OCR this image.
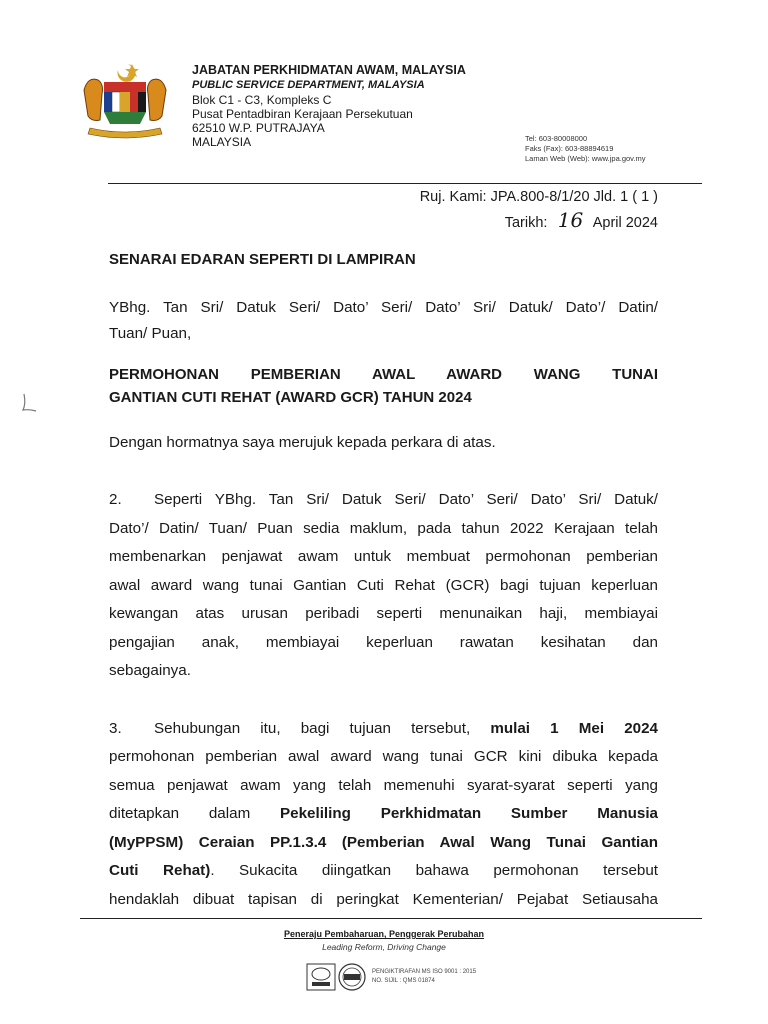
JABATAN PERKHIDMATAN AWAM, MALAYSIA
PUBLIC SERVICE DEPARTMENT, MALAYSIA
Blok C1 - C3, Kompleks C
Pusat Pentadbiran Kerajaan Persekutuan
62510 W.P. PUTRAJAYA
MALAYSIA	Tel: 603-80008000
Faks (Fax): 603-88894619
Laman Web (Web): www.jpa.gov.my
Ruj. Kami: JPA.800-8/1/20 Jld. 1 ( 1 )
Tarikh: 16 April 2024
SENARAI EDARAN SEPERTI DI LAMPIRAN
YBhg. Tan Sri/ Datuk Seri/ Dato’ Seri/ Dato’ Sri/ Datuk/ Dato’/ Datin/
Tuan/ Puan,
PERMOHONAN PEMBERIAN AWAL AWARD WANG TUNAI
GANTIAN CUTI REHAT (AWARD GCR) TAHUN 2024
Dengan hormatnya saya merujuk kepada perkara di atas.
2. Seperti YBhg. Tan Sri/ Datuk Seri/ Dato’ Seri/ Dato’ Sri/ Datuk/
Dato’/ Datin/ Tuan/ Puan sedia maklum, pada tahun 2022 Kerajaan telah
membenarkan penjawat awam untuk membuat permohonan pemberian
awal award wang tunai Gantian Cuti Rehat (GCR) bagi tujuan keperluan
kewangan atas urusan peribadi seperti menunaikan haji, membiayai
pengajian anak, membiayai keperluan rawatan kesihatan dan
sebagainya.
3. Sehubungan itu, bagi tujuan tersebut, mulai 1 Mei 2024
permohonan pemberian awal award wang tunai GCR kini dibuka kepada
semua penjawat awam yang telah memenuhi syarat-syarat seperti yang
ditetapkan dalam Pekeliling Perkhidmatan Sumber Manusia
(MyPPSM) Ceraian PP.1.3.4 (Pemberian Awal Wang Tunai Gantian
Cuti Rehat). Sukacita diingatkan bahawa permohonan tersebut
hendaklah dibuat tapisan di peringkat Kementerian/ Pejabat Setiausaha
Peneraju Pembaharuan, Penggerak Perubahan
Leading Reform, Driving Change
PENGIKTIRAFAN MS ISO 9001 : 2015
NO. SIJIL : QMS 01874
